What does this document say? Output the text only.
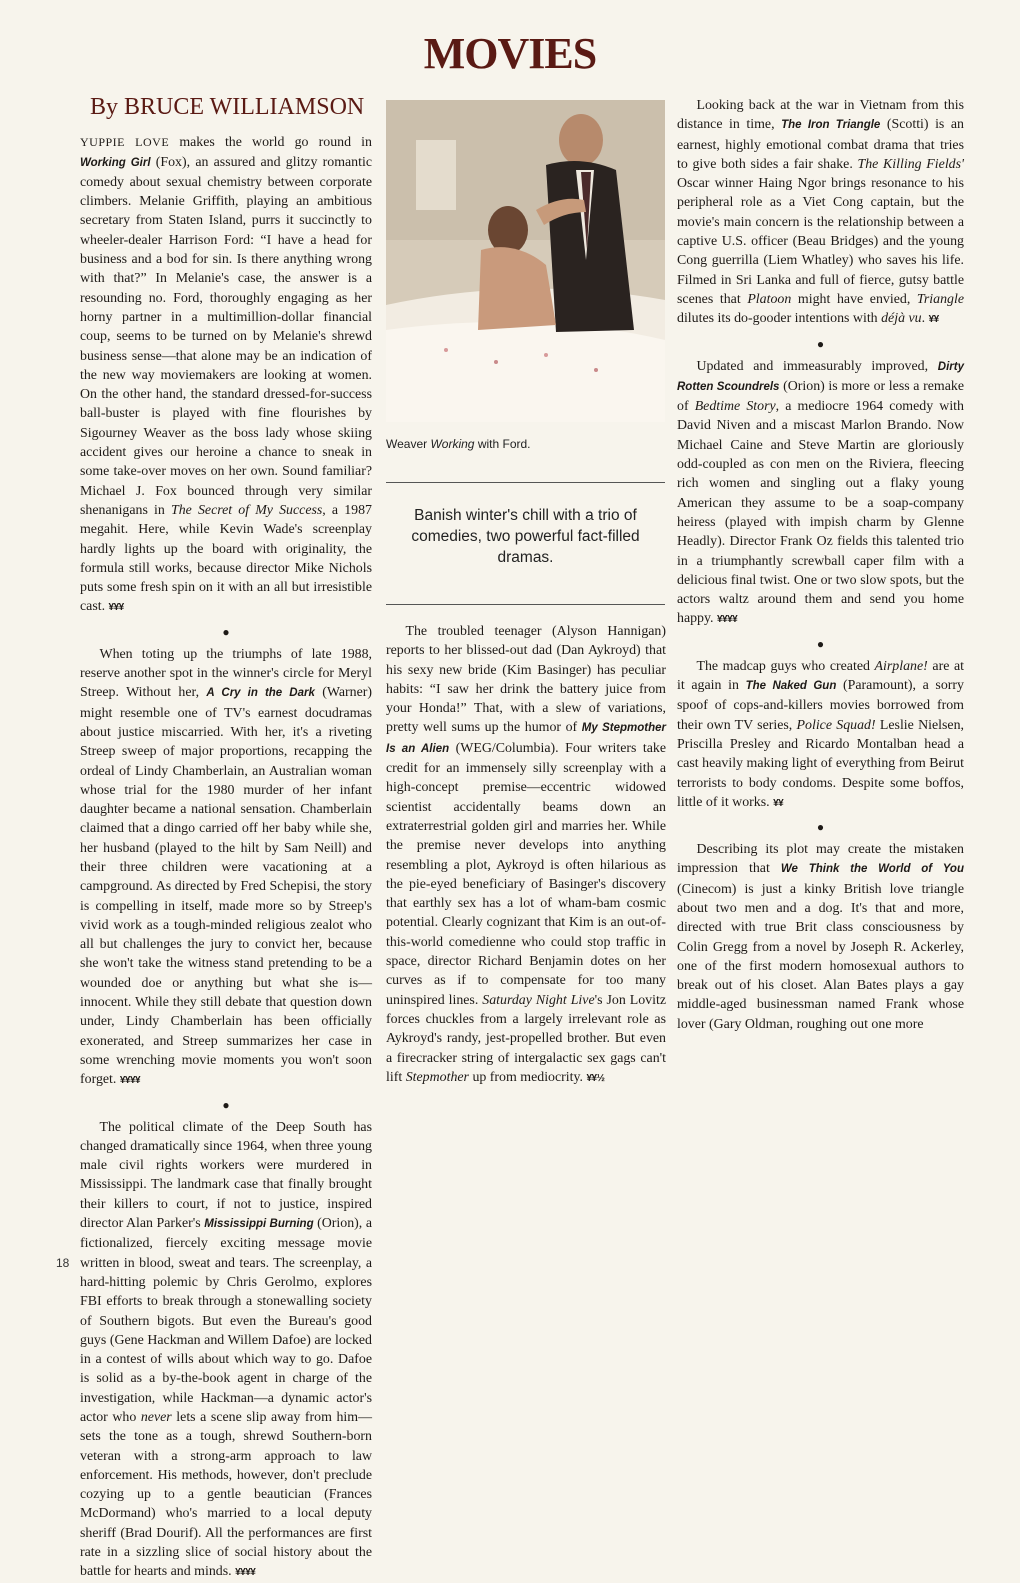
MOVIES
Weaver Working with Ford.
Banish winter's chill with a trio of comedies, two powerful fact-filled dramas.
By BRUCE WILLIAMSON

YUPPIE LOVE makes the world go round in Working Girl (Fox), an assured and glitzy romantic comedy about sexual chemistry between corporate climbers. Melanie Griffith, playing an ambitious secretary from Staten Island, purrs it succinctly to wheeler-dealer Harrison Ford: “I have a head for business and a bod for sin. Is there anything wrong with that?” In Melanie's case, the answer is a resounding no. Ford, thoroughly engaging as her horny partner in a multimillion-dollar financial coup, seems to be turned on by Melanie's shrewd business sense—that alone may be an indication of the new way moviemakers are looking at women. On the other hand, the standard dressed-for-success ball-buster is played with fine flourishes by Sigourney Weaver as the boss lady whose skiing accident gives our heroine a chance to sneak in some take-over moves on her own. Sound familiar? Michael J. Fox bounced through very similar shenanigans in The Secret of My Success, a 1987 megahit. Here, while Kevin Wade's screenplay hardly lights up the board with originality, the formula still works, because director Mike Nichols puts some fresh spin on it with an all but irresistible cast. ¥¥¥

●

When toting up the triumphs of late 1988, reserve another spot in the winner's circle for Meryl Streep. Without her, A Cry in the Dark (Warner) might resemble one of TV's earnest docudramas about justice miscarried. With her, it's a riveting Streep sweep of major proportions, recapping the ordeal of Lindy Chamberlain, an Australian woman whose trial for the 1980 murder of her infant daughter became a national sensation. Chamberlain claimed that a dingo carried off her baby while she, her husband (played to the hilt by Sam Neill) and their three children were vacationing at a campground. As directed by Fred Schepisi, the story is compelling in itself, made more so by Streep's vivid work as a tough-minded religious zealot who all but challenges the jury to convict her, because she won't take the witness stand pretending to be a wounded doe or anything but what she is—innocent. While they still debate that question down under, Lindy Chamberlain has been officially exonerated, and Streep summarizes her case in some wrenching movie moments you won't soon forget. ¥¥¥¥

●

The political climate of the Deep South has changed dramatically since 1964, when three young male civil rights workers were murdered in Mississippi. The landmark case that finally brought their killers to court, if not to justice, inspired director Alan Parker's Mississippi Burning (Orion), a fictionalized, fiercely exciting message movie written in blood, sweat and tears. The screenplay, a hard-hitting polemic by Chris Gerolmo, explores FBI efforts to break through a stonewalling society of Southern bigots. But even the Bureau's good guys (Gene Hackman and Willem Dafoe) are locked in a contest of wills about which way to go. Dafoe is solid as a by-the-book agent in charge of the investigation, while Hackman—a dynamic actor's actor who never lets a scene slip away from him—sets the tone as a tough, shrewd Southern-born veteran with a strong-arm approach to law enforcement. His methods, however, don't preclude cozying up to a gentle beautician (Frances McDormand) who's married to a local deputy sheriff (Brad Dourif). All the performances are first rate in a sizzling slice of social history about the battle for hearts and minds. ¥¥¥¥

The troubled teenager (Alyson Hannigan) reports to her blissed-out dad (Dan Aykroyd) that his sexy new bride (Kim Basinger) has peculiar habits: “I saw her drink the battery juice from your Honda!” That, with a slew of variations, pretty well sums up the humor of My Stepmother Is an Alien (WEG/Columbia). Four writers take credit for an immensely silly screenplay with a high-concept premise—eccentric widowed scientist accidentally beams down an extraterrestrial golden girl and marries her. While the premise never develops into anything resembling a plot, Aykroyd is often hilarious as the pie-eyed beneficiary of Basinger's discovery that earthly sex has a lot of wham-bam cosmic potential. Clearly cognizant that Kim is an out-of-this-world comedienne who could stop traffic in space, director Richard Benjamin dotes on her curves as if to compensate for too many uninspired lines. Saturday Night Live's Jon Lovitz forces chuckles from a largely irrelevant role as Aykroyd's randy, jest-propelled brother. But even a firecracker string of intergalactic sex gags can't lift Stepmother up from mediocrity. ¥¥½

Looking back at the war in Vietnam from this distance in time, The Iron Triangle (Scotti) is an earnest, highly emotional combat drama that tries to give both sides a fair shake. The Killing Fields' Oscar winner Haing Ngor brings resonance to his peripheral role as a Viet Cong captain, but the movie's main concern is the relationship between a captive U.S. officer (Beau Bridges) and the young Cong guerrilla (Liem Whatley) who saves his life. Filmed in Sri Lanka and full of fierce, gutsy battle scenes that Platoon might have envied, Triangle dilutes its do-gooder intentions with déjà vu. ¥¥

●

Updated and immeasurably improved, Dirty Rotten Scoundrels (Orion) is more or less a remake of Bedtime Story, a mediocre 1964 comedy with David Niven and a miscast Marlon Brando. Now Michael Caine and Steve Martin are gloriously odd-coupled as con men on the Riviera, fleecing rich women and singling out a flaky young American they assume to be a soap-company heiress (played with impish charm by Glenne Headly). Director Frank Oz fields this talented trio in a triumphantly screwball caper film with a delicious final twist. One or two slow spots, but the actors waltz around them and send you home happy. ¥¥¥¥

●

The madcap guys who created Airplane! are at it again in The Naked Gun (Paramount), a sorry spoof of cops-and-killers movies borrowed from their own TV series, Police Squad! Leslie Nielsen, Priscilla Presley and Ricardo Montalban head a cast heavily making light of everything from Beirut terrorists to body condoms. Despite some boffos, little of it works. ¥¥

●

Describing its plot may create the mistaken impression that We Think the World of You (Cinecom) is just a kinky British love triangle about two men and a dog. It's that and more, directed with true Brit class consciousness by Colin Gregg from a novel by Joseph R. Ackerley, one of the first modern homosexual authors to break out of his closet. Alan Bates plays a gay middle-aged businessman named Frank whose lover (Gary Oldman, roughing out one more

18
